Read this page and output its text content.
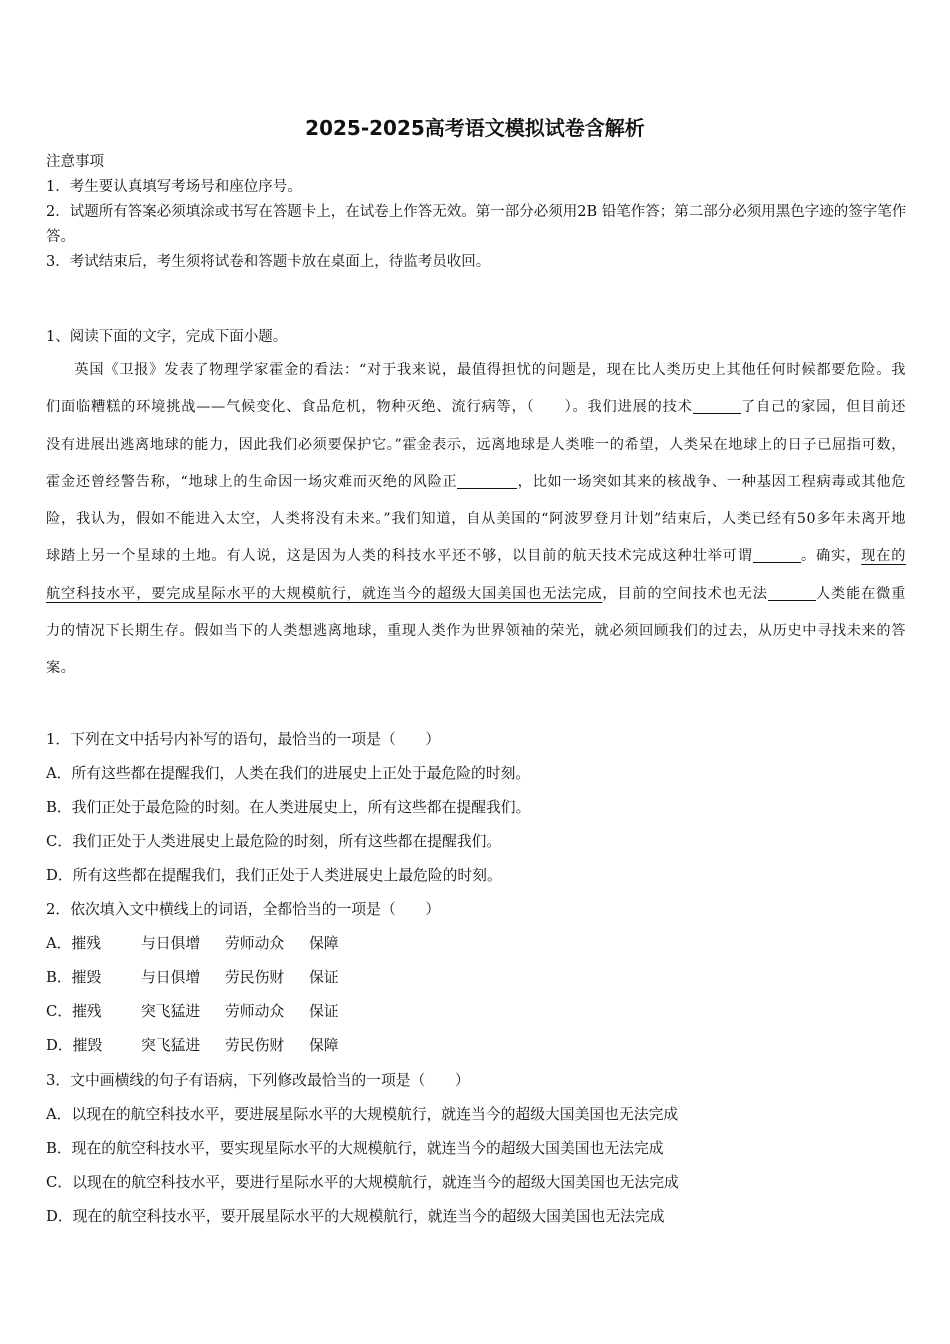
2025-2025高考语文模拟试卷含解析
注意事项
1．考生要认真填写考场号和座位序号。
2．试题所有答案必须填涂或书写在答题卡上，在试卷上作答无效。第一部分必须用2B 铅笔作答；第二部分必须用黑色字迹的签字笔作答。
3．考试结束后，考生须将试卷和答题卡放在桌面上，待监考员收回。
1、阅读下面的文字，完成下面小题。

英国《卫报》发表了物理学家霍金的看法：“对于我来说，最值得担忧的问题是，现在比人类历史上其他任何时候都要危险。我们面临糟糕的环境挑战——气候变化、食品危机，物种灭绝、流行病等，（　　）。我们进展的技术	了自己的家园，但目前还没有进展出逃离地球的能力，因此我们必须要保护它。”霍金表示，远离地球是人类唯一的希望，人类呆在地球上的日子已屈指可数，霍金还曾经警告称，“地球上的生命因一场灾难而灭绝的风险正	，比如一场突如其来的核战争、一种基因工程病毒或其他危险，我认为，假如不能进入太空，人类将没有未来。”我们知道，自从美国的“阿波罗登月计划”结束后，人类已经有50多年未离开地球踏上另一个星球的土地。有人说，这是因为人类的科技水平还不够，以目前的航天技术完成这种壮举可谓	。确实，现在的航空科技水平，要完成星际水平的大规模航行，就连当今的超级大国美国也无法完成，目前的空间技术也无法	人类能在微重力的情况下长期生存。假如当下的人类想逃离地球，重现人类作为世界领袖的荣光，就必须回顾我们的过去，从历史中寻找未来的答案。

1．下列在文中括号内补写的语句，最恰当的一项是（　　）
A．所有这些都在提醒我们，人类在我们的进展史上正处于最危险的时刻。
B．我们正处于最危险的时刻。在人类进展史上，所有这些都在提醒我们。
C．我们正处于人类进展史上最危险的时刻，所有这些都在提醒我们。
D．所有这些都在提醒我们，我们正处于人类进展史上最危险的时刻。
2．依次填入文中横线上的词语，全都恰当的一项是（　　）
A．摧残	与日俱增 劳师动众 保障
B．摧毁	与日俱增 劳民伤财 保证
C．摧残	突飞猛进 劳师动众 保证
D．摧毁	突飞猛进 劳民伤财 保障
3．文中画横线的句子有语病，下列修改最恰当的一项是（　　）
A．以现在的航空科技水平，要进展星际水平的大规模航行，就连当今的超级大国美国也无法完成
B．现在的航空科技水平，要实现星际水平的大规模航行，就连当今的超级大国美国也无法完成
C．以现在的航空科技水平，要进行星际水平的大规模航行，就连当今的超级大国美国也无法完成
D．现在的航空科技水平，要开展星际水平的大规模航行，就连当今的超级大国美国也无法完成
